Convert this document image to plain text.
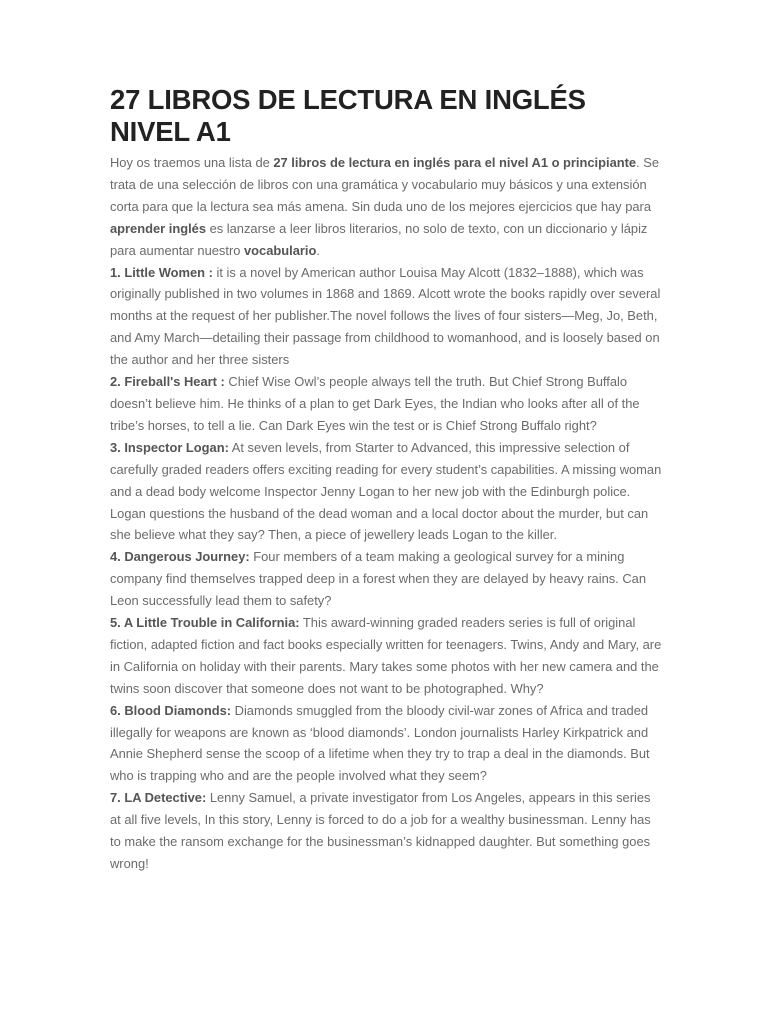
27 LIBROS DE LECTURA EN INGLÉS NIVEL A1

Hoy os traemos una lista de 27 libros de lectura en inglés para el nivel A1 o principiante. Se trata de una selección de libros con una gramática y vocabulario muy básicos y una extensión corta para que la lectura sea más amena. Sin duda uno de los mejores ejercicios que hay para aprender inglés es lanzarse a leer libros literarios, no solo de texto, con un diccionario y lápiz para aumentar nuestro vocabulario.

1. Little Women : it is a novel by American author Louisa May Alcott (1832–1888), which was originally published in two volumes in 1868 and 1869. Alcott wrote the books rapidly over several months at the request of her publisher.The novel follows the lives of four sisters—Meg, Jo, Beth, and Amy March—detailing their passage from childhood to womanhood, and is loosely based on the author and her three sisters

2. Fireball's Heart : Chief Wise Owl’s people always tell the truth. But Chief Strong Buffalo doesn’t believe him. He thinks of a plan to get Dark Eyes, the Indian who looks after all of the tribe’s horses, to tell a lie. Can Dark Eyes win the test or is Chief Strong Buffalo right?

3. Inspector Logan: At seven levels, from Starter to Advanced, this impressive selection of carefully graded readers offers exciting reading for every student’s capabilities. A missing woman and a dead body welcome Inspector Jenny Logan to her new job with the Edinburgh police. Logan questions the husband of the dead woman and a local doctor about the murder, but can she believe what they say? Then, a piece of jewellery leads Logan to the killer.

4. Dangerous Journey: Four members of a team making a geological survey for a mining company find themselves trapped deep in a forest when they are delayed by heavy rains. Can Leon successfully lead them to safety?

5. A Little Trouble in California: This award-winning graded readers series is full of original fiction, adapted fiction and fact books especially written for teenagers. Twins, Andy and Mary, are in California on holiday with their parents. Mary takes some photos with her new camera and the twins soon discover that someone does not want to be photographed. Why?

6. Blood Diamonds: Diamonds smuggled from the bloody civil-war zones of Africa and traded illegally for weapons are known as ‘blood diamonds’. London journalists Harley Kirkpatrick and Annie Shepherd sense the scoop of a lifetime when they try to trap a deal in the diamonds. But who is trapping who and are the people involved what they seem?

7. LA Detective: Lenny Samuel, a private investigator from Los Angeles, appears in this series at all five levels, In this story, Lenny is forced to do a job for a wealthy businessman. Lenny has to make the ransom exchange for the businessman’s kidnapped daughter. But something goes wrong!
